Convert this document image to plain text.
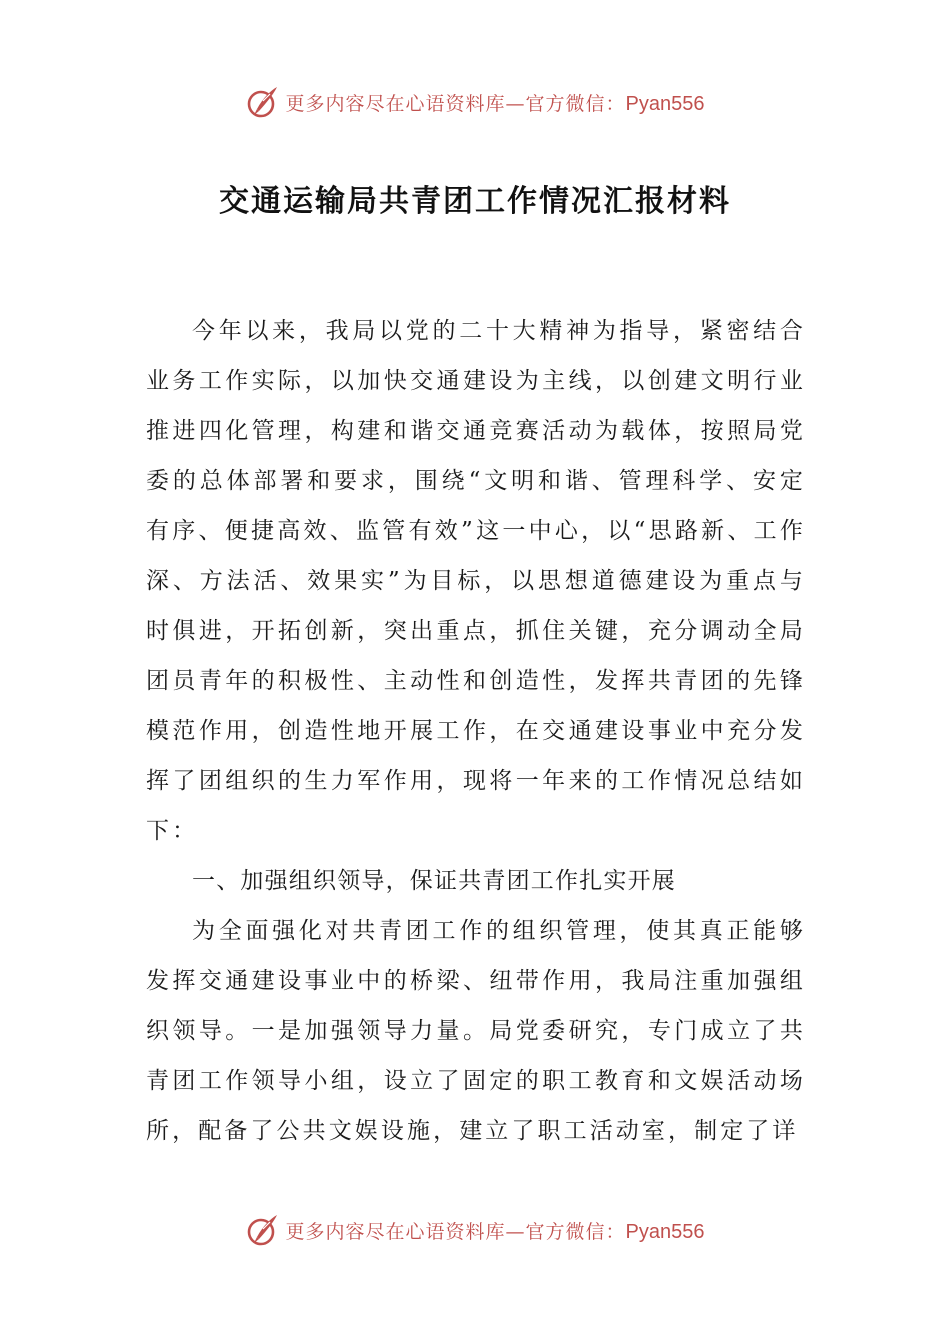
更多内容尽在心语资料库—官方微信：Pyan556
交通运输局共青团工作情况汇报材料

今年以来，我局以党的二十大精神为指导，紧密结合业务工作实际，以加快交通建设为主线，以创建文明行业推进四化管理，构建和谐交通竞赛活动为载体，按照局党委的总体部署和要求，围绕“文明和谐、管理科学、安定有序、便捷高效、监管有效”这一中心，以“思路新、工作深、方法活、效果实”为目标，以思想道德建设为重点与时俱进，开拓创新，突出重点，抓住关键，充分调动全局团员青年的积极性、主动性和创造性，发挥共青团的先锋模范作用，创造性地开展工作，在交通建设事业中充分发挥了团组织的生力军作用，现将一年来的工作情况总结如下：

一、加强组织领导，保证共青团工作扎实开展

为全面强化对共青团工作的组织管理，使其真正能够发挥交通建设事业中的桥梁、纽带作用，我局注重加强组织领导。一是加强领导力量。局党委研究，专门成立了共青团工作领导小组，设立了固定的职工教育和文娱活动场所，配备了公共文娱设施，建立了职工活动室，制定了详

更多内容尽在心语资料库—官方微信：Pyan556
